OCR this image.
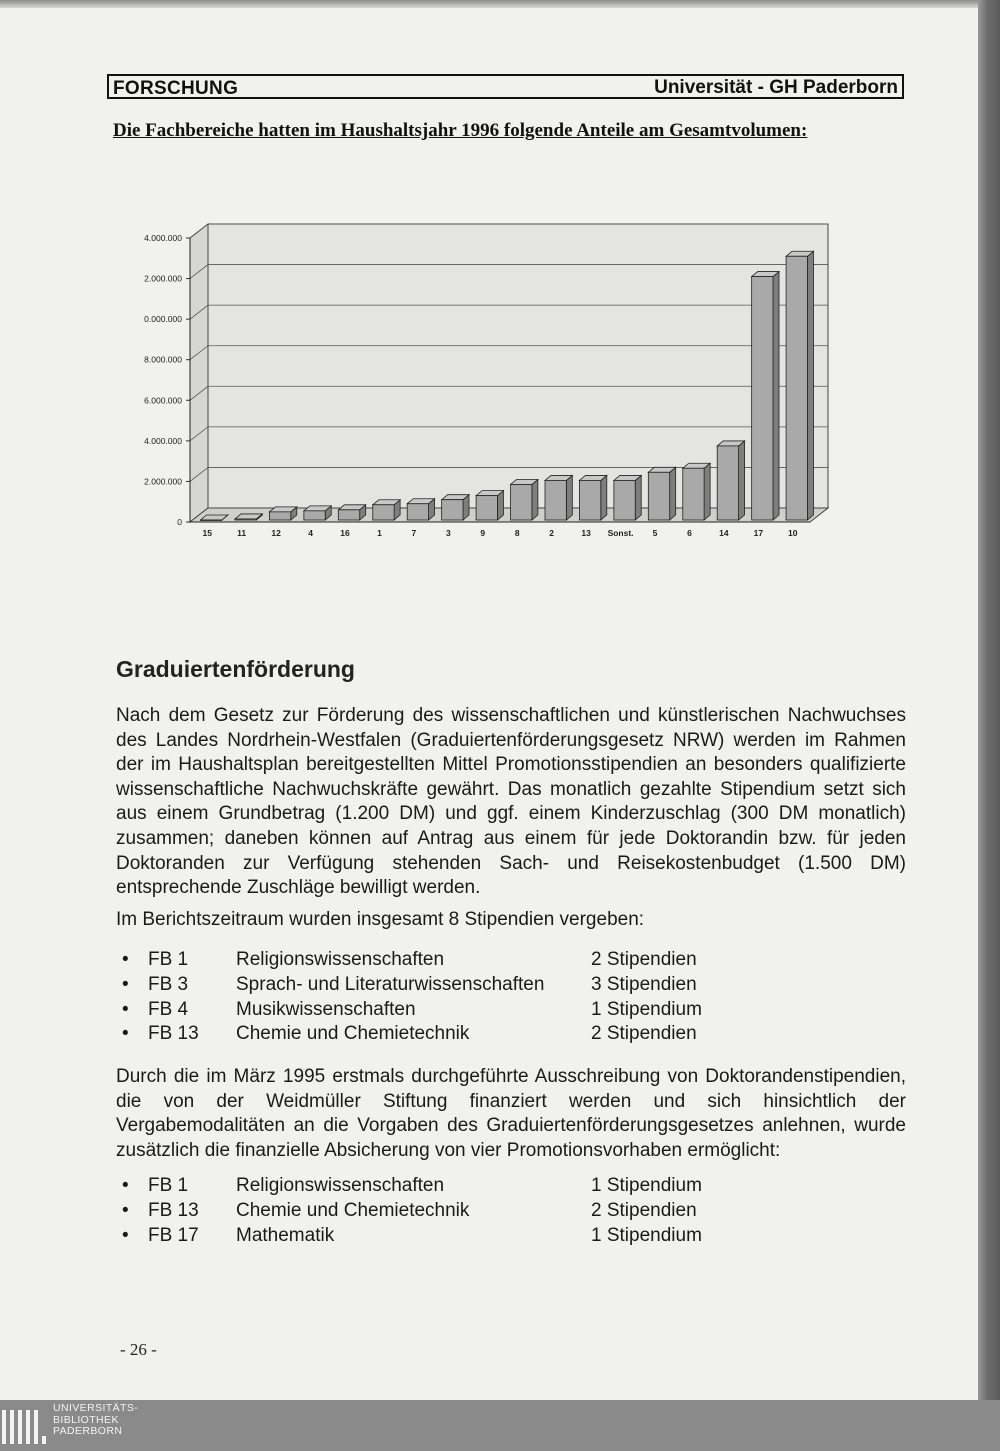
FORSCHUNG	Universität - GH Paderborn
Die Fachbereiche hatten im Haushaltsjahr 1996 folgende Anteile am Gesamtvolumen:
0
2.000.000
4.000.000
6.000.000
8.000.000
0.000.000
2.000.000
4.000.000
15	11	12	4	16	1	7	3	9	8	2	13 Sonst. 5	6	14	17	10
Graduiertenförderung

Nach dem Gesetz zur Förderung des wissenschaftlichen und künstlerischen Nachwuchses des Landes Nordrhein-Westfalen (Graduiertenförderungsgesetz NRW) werden im Rahmen der im Haushaltsplan bereitgestellten Mittel Promotionsstipendien an besonders qualifizierte wissenschaftliche Nachwuchskräfte gewährt. Das monatlich gezahlte Stipendium setzt sich aus einem Grundbetrag (1.200 DM) und ggf. einem Kinderzuschlag (300 DM monatlich) zusammen; daneben können auf Antrag aus einem für jede Doktorandin bzw. für jeden Doktoranden zur Verfügung stehenden Sach- und Reisekostenbudget (1.500 DM) entsprechende Zuschläge bewilligt werden.

Im Berichtszeitraum wurden insgesamt 8 Stipendien vergeben:

• FB 1	Religionswissenschaften	2 Stipendien
• FB 3	Sprach- und Literaturwissenschaften 3 Stipendien
• FB 4	Musikwissenschaften	1 Stipendium
• FB 13 Chemie und Chemietechnik	2 Stipendien

Durch die im März 1995 erstmals durchgeführte Ausschreibung von Doktorandenstipendien, die von der Weidmüller Stiftung finanziert werden und sich hinsichtlich der Vergabemodalitäten an die Vorgaben des Graduiertenförderungsgesetzes anlehnen, wurde zusätzlich die finanzielle Absicherung von vier Promotionsvorhaben ermöglicht:

• FB 1	Religionswissenschaften	1 Stipendium
• FB 13 Chemie und Chemietechnik	2 Stipendien
• FB 17 Mathematik	1 Stipendium
- 26 -
UNIVERSITÄTS-
BIBLIOTHEK
PADERBORN
